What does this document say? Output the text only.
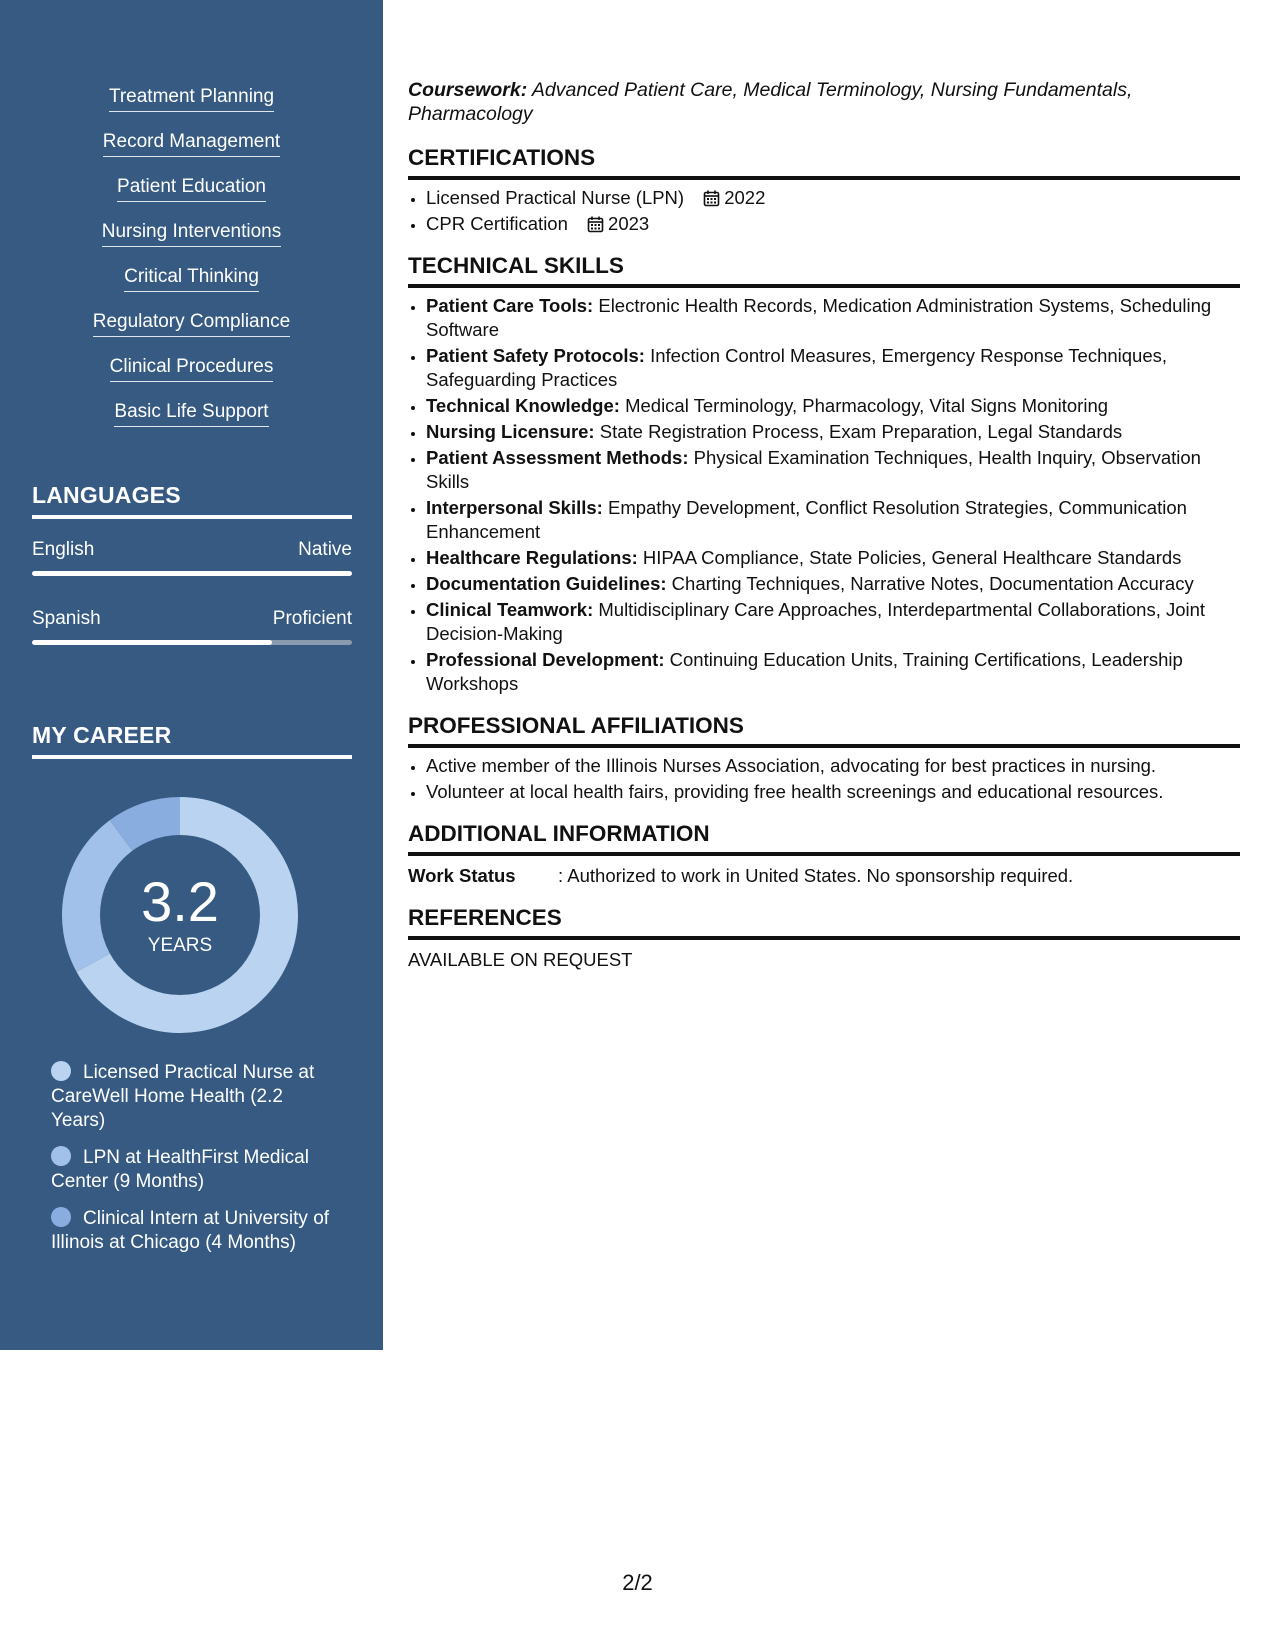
Treatment Planning
Record Management
Patient Education
Nursing Interventions
Critical Thinking
Regulatory Compliance
Clinical Procedures
Basic Life Support
LANGUAGES
English	Native
Spanish	Proficient
MY CAREER
3.2
YEARS
Licensed Practical Nurse at CareWell Home Health (2.2 Years)
LPN at HealthFirst Medical Center (9 Months)
Clinical Intern at University of Illinois at Chicago (4 Months)

Coursework: Advanced Patient Care, Medical Terminology, Nursing Fundamentals, Pharmacology

CERTIFICATIONS
• Licensed Practical Nurse (LPN) 2022
• CPR Certification 2023
TECHNICAL SKILLS
• Patient Care Tools: Electronic Health Records, Medication Administration Systems, Scheduling Software
• Patient Safety Protocols: Infection Control Measures, Emergency Response Techniques, Safeguarding Practices
• Technical Knowledge: Medical Terminology, Pharmacology, Vital Signs Monitoring
• Nursing Licensure: State Registration Process, Exam Preparation, Legal Standards
• Patient Assessment Methods: Physical Examination Techniques, Health Inquiry, Observation Skills
• Interpersonal Skills: Empathy Development, Conflict Resolution Strategies, Communication Enhancement
• Healthcare Regulations: HIPAA Compliance, State Policies, General Healthcare Standards
• Documentation Guidelines: Charting Techniques, Narrative Notes, Documentation Accuracy
• Clinical Teamwork: Multidisciplinary Care Approaches, Interdepartmental Collaborations, Joint Decision-Making
• Professional Development: Continuing Education Units, Training Certifications, Leadership Workshops
PROFESSIONAL AFFILIATIONS
• Active member of the Illinois Nurses Association, advocating for best practices in nursing.
• Volunteer at local health fairs, providing free health screenings and educational resources.
ADDITIONAL INFORMATION
Work Status	: Authorized to work in United States. No sponsorship required.
REFERENCES

AVAILABLE ON REQUEST

2/2
